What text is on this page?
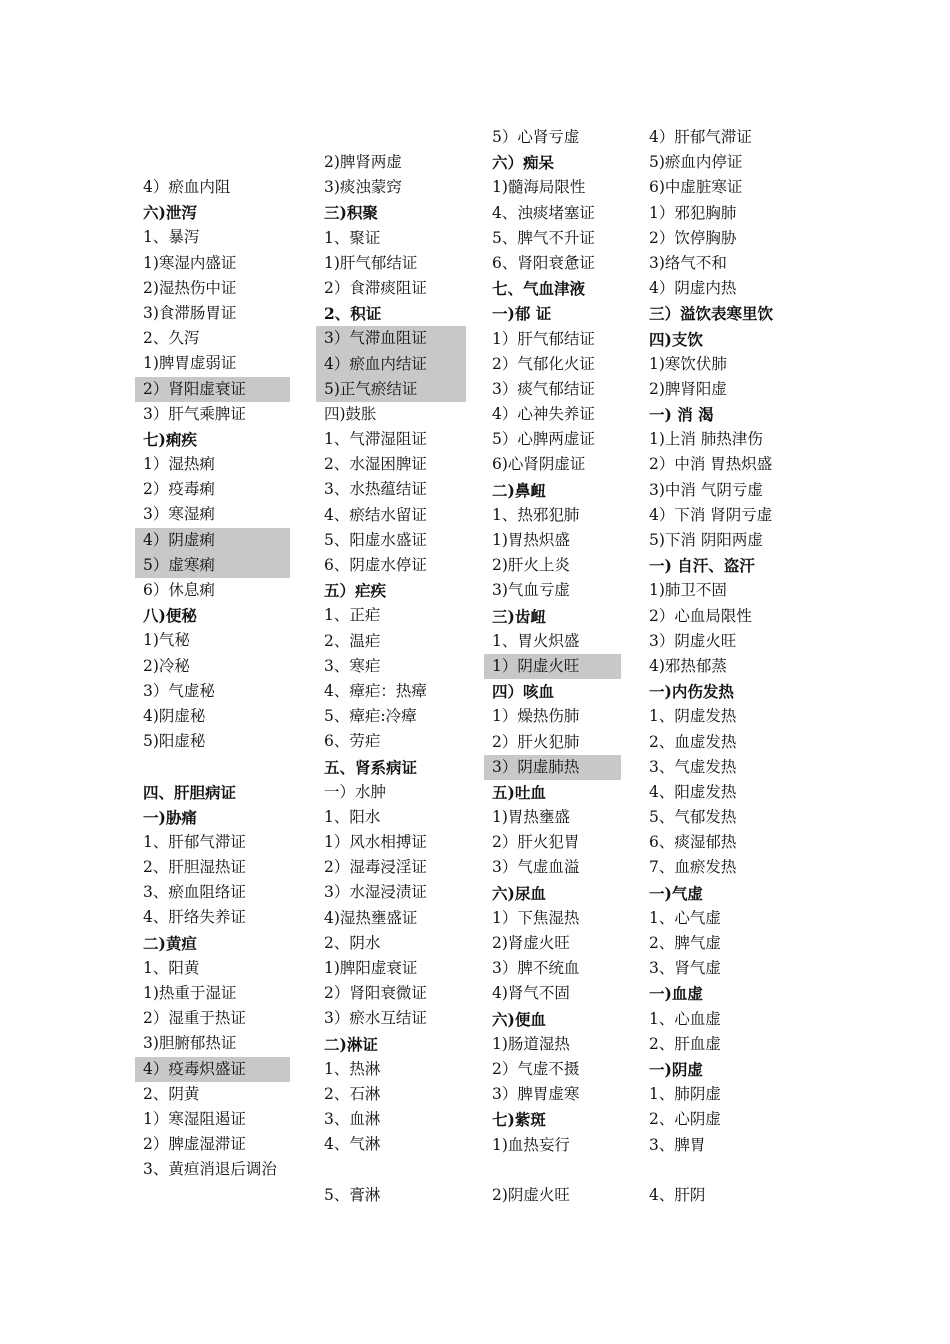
4）瘀血内阻
六)泄泻
1、暴泻
1)寒湿内盛证
2)湿热伤中证
3)食滞肠胃证
2、久泻
1)脾胃虚弱证
2）肾阳虚衰证
3）肝气乘脾证
七)痢疾
1）湿热痢
2）疫毒痢
3）寒湿痢
4）阴虚痢
5）虚寒痢
6）休息痢
八)便秘
1)气秘
2)冷秘
3）气虚秘
4)阴虚秘
5)阳虚秘
四、肝胆病证
一)胁痛
1、肝郁气滞证
2、肝胆湿热证
3、瘀血阻络证
4、肝络失养证
二)黄疸
1、阳黄
1)热重于湿证
2）湿重于热证
3)胆腑郁热证
4）疫毒炽盛证
2、阴黄
1）寒湿阻遏证
2）脾虚湿滞证
3、黄疸消退后调治
2)脾肾两虚
3)痰浊蒙窍
三)积聚
1、聚证
1)肝气郁结证
2）食滞痰阻证
2、积证
3）气滞血阻证
4）瘀血内结证
5)正气瘀结证
四)鼓胀
1、气滞湿阻证
2、水湿困脾证
3、水热蕴结证
4、瘀结水留证
5、阳虚水盛证
6、阴虚水停证
五）疟疾
1、正疟
2、温疟
3、寒疟
4、瘴疟：热瘴
5、瘴疟:冷瘴
6、劳疟
五、肾系病证
一）水肿
1、阳水
1）风水相搏证
2）湿毒浸淫证
3）水湿浸渍证
4)湿热壅盛证
2、阴水
1)脾阳虚衰证
2）肾阳衰微证
3）瘀水互结证
二)淋证
1、热淋
2、石淋
3、血淋
4、气淋
5、膏淋
5）心肾亏虚
六）痴呆
1)髓海局限性
4、浊痰堵塞证
5、脾气不升证
6、肾阳衰惫证
七、气血津液
一)郁 证
1）肝气郁结证
2）气郁化火证
3）痰气郁结证
4）心神失养证
5）心脾两虚证
6)心肾阴虚证
二)鼻衄
1、热邪犯肺
1)胃热炽盛
2)肝火上炎
3)气血亏虚
三)齿衄
1、胃火炽盛
1）阴虚火旺
四）咳血
1）燥热伤肺
2）肝火犯肺
3）阴虚肺热
五)吐血
1)胃热壅盛
2）肝火犯胃
3）气虚血溢
六)尿血
1）下焦湿热
2)肾虚火旺
3）脾不统血
4)肾气不固
六)便血
1)肠道湿热
2）气虚不摄
3）脾胃虚寒
七)紫斑
1)血热妄行
2)阴虚火旺
4）肝郁气滞证
5)瘀血内停证
6)中虚脏寒证
1）邪犯胸肺
2）饮停胸胁
3)络气不和
4）阴虚内热
三）溢饮表寒里饮
四)支饮
1)寒饮伏肺
2)脾肾阳虚
一) 消 渴
1)上消 肺热津伤
2）中消 胃热炽盛
3)中消 气阴亏虚
4）下消 肾阴亏虚
5)下消 阴阳两虚
一) 自汗、盗汗
1)肺卫不固
2）心血局限性
3）阴虚火旺
4)邪热郁蒸
一)内伤发热
1、阴虚发热
2、血虚发热
3、气虚发热
4、阳虚发热
5、气郁发热
6、痰湿郁热
7、血瘀发热
一)气虚
1、心气虚
2、脾气虚
3、肾气虚
一)血虚
1、心血虚
2、肝血虚
一)阴虚
1、肺阴虚
2、心阴虚
3、脾胃
4、肝阴
